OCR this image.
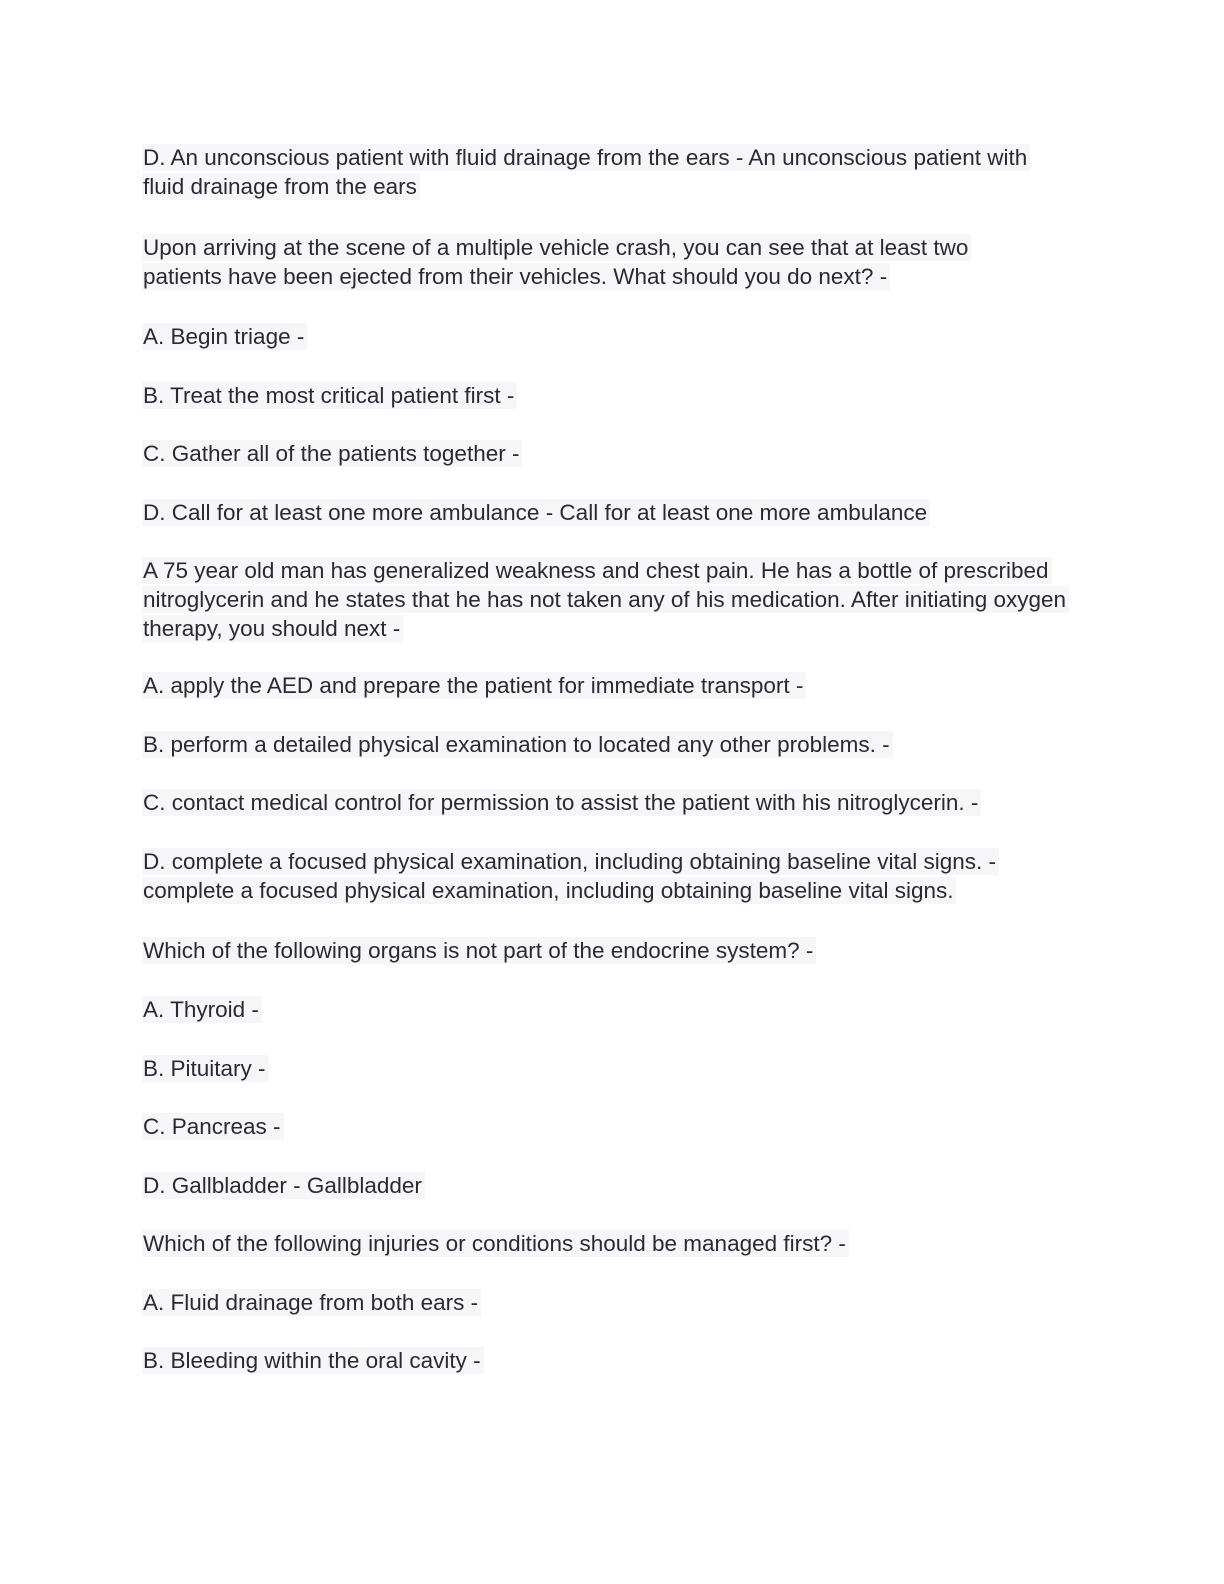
D. An unconscious patient with fluid drainage from the ears - An unconscious patient with fluid drainage from the ears

Upon arriving at the scene of a multiple vehicle crash, you can see that at least two patients have been ejected from their vehicles. What should you do next? -

A. Begin triage -

B. Treat the most critical patient first -

C. Gather all of the patients together -

D. Call for at least one more ambulance - Call for at least one more ambulance

A 75 year old man has generalized weakness and chest pain. He has a bottle of prescribed nitroglycerin and he states that he has not taken any of his medication. After initiating oxygen therapy, you should next -

A. apply the AED and prepare the patient for immediate transport -

B. perform a detailed physical examination to located any other problems. -

C. contact medical control for permission to assist the patient with his nitroglycerin. -

D. complete a focused physical examination, including obtaining baseline vital signs. - complete a focused physical examination, including obtaining baseline vital signs.

Which of the following organs is not part of the endocrine system? -

A. Thyroid -

B. Pituitary -

C. Pancreas -

D. Gallbladder - Gallbladder

Which of the following injuries or conditions should be managed first? -

A. Fluid drainage from both ears -

B. Bleeding within the oral cavity -
